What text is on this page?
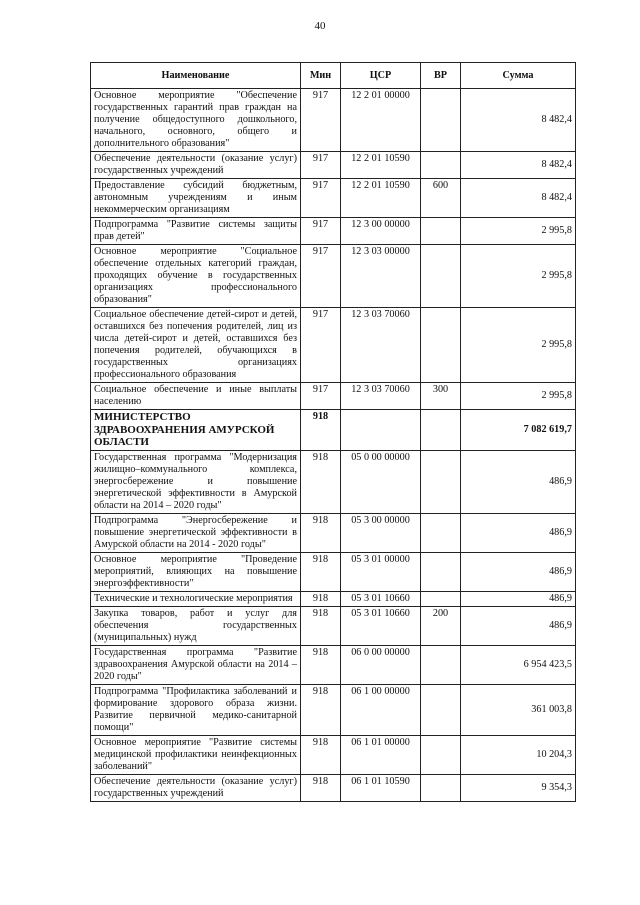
40
Наименование	Мин	ЦСР	ВР	Сумма
Основное мероприятие "Обеспечение государственных гарантий прав граждан на получение общедоступного дошкольного, начального, основного, общего и дополнительного образования"	917	12 2 01 00000		8 482,4
Обеспечение деятельности (оказание услуг) государственных учреждений	917	12 2 01 10590		8 482,4
Предоставление субсидий бюджетным, автономным учреждениям и иным некоммерческим организациям	917	12 2 01 10590	600	8 482,4
Подпрограмма "Развитие системы защиты прав детей"	917	12 3 00 00000		2 995,8
Основное мероприятие "Социальное обеспечение отдельных категорий граждан, проходящих обучение в государственных организациях профессионального образования"	917	12 3 03 00000		2 995,8
Социальное обеспечение детей-сирот и детей, оставшихся без попечения родителей, лиц из числа детей-сирот и детей, оставшихся без попечения родителей, обучающихся в государственных организациях профессионального образования	917	12 3 03 70060		2 995,8
Социальное обеспечение и иные выплаты населению	917	12 3 03 70060	300	2 995,8
МИНИСТЕРСТВО ЗДРАВООХРАНЕНИЯ АМУРСКОЙ ОБЛАСТИ	918			7 082 619,7
Государственная программа "Модернизация жилищно–коммунального комплекса, энергосбережение и повышение энергетической эффективности в Амурской области на 2014 – 2020 годы"	918	05 0 00 00000		486,9
Подпрограмма "Энергосбережение и повышение энергетической эффективности в Амурской области на 2014 - 2020 годы"	918	05 3 00 00000		486,9
Основное мероприятие "Проведение мероприятий, влияющих на повышение энергоэффективности"	918	05 3 01 00000		486,9
Технические и технологические мероприятия	918	05 3 01 10660		486,9
Закупка товаров, работ и услуг для обеспечения государственных (муниципальных) нужд	918	05 3 01 10660	200	486,9
Государственная программа "Развитие здравоохранения Амурской области на 2014 – 2020 годы"	918	06 0 00 00000		6 954 423,5
Подпрограмма "Профилактика заболеваний и формирование здорового образа жизни. Развитие первичной медико-санитарной помощи"	918	06 1 00 00000		361 003,8
Основное мероприятие "Развитие системы медицинской профилактики неинфекционных заболеваний"	918	06 1 01 00000		10 204,3
Обеспечение деятельности (оказание услуг) государственных учреждений	918	06 1 01 10590		9 354,3
